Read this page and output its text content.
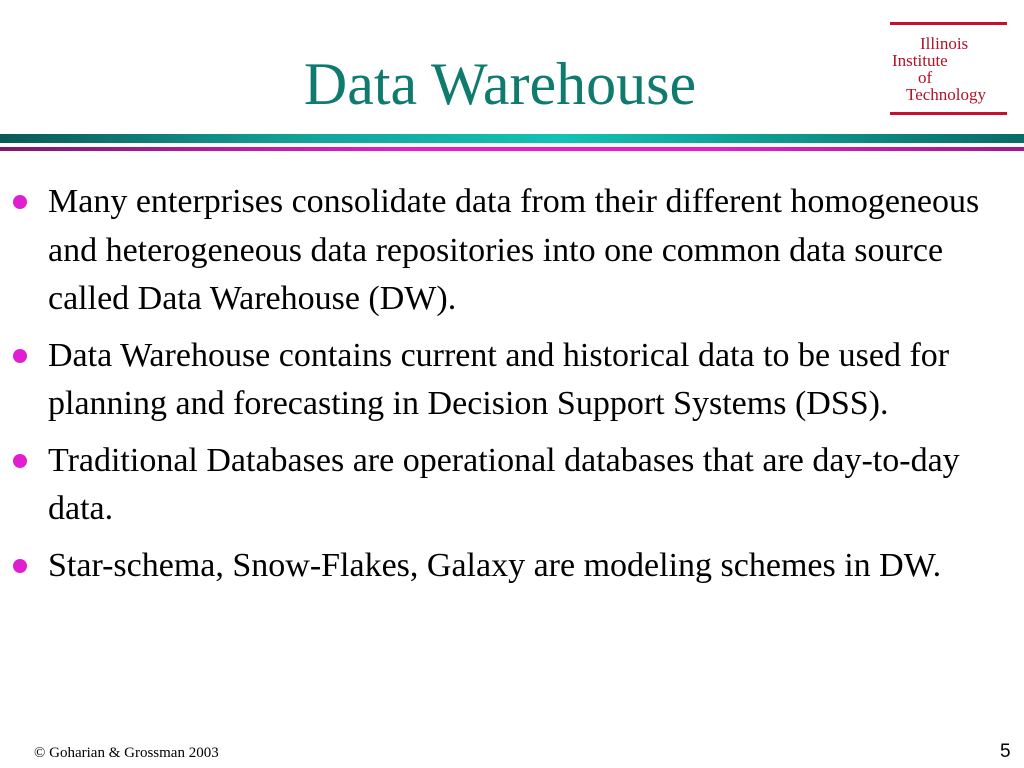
Data Warehouse
Illinois
Institute
of
Technology
Many enterprises consolidate data from their different homogeneous and heterogeneous data repositories into one common data source called Data Warehouse (DW).
Data Warehouse contains current and historical data to be used for planning and forecasting in Decision Support Systems (DSS).
Traditional Databases are operational databases that are day-to-day data.
Star-schema, Snow-Flakes, Galaxy are modeling schemes in DW.
© Goharian & Grossman 2003	5
